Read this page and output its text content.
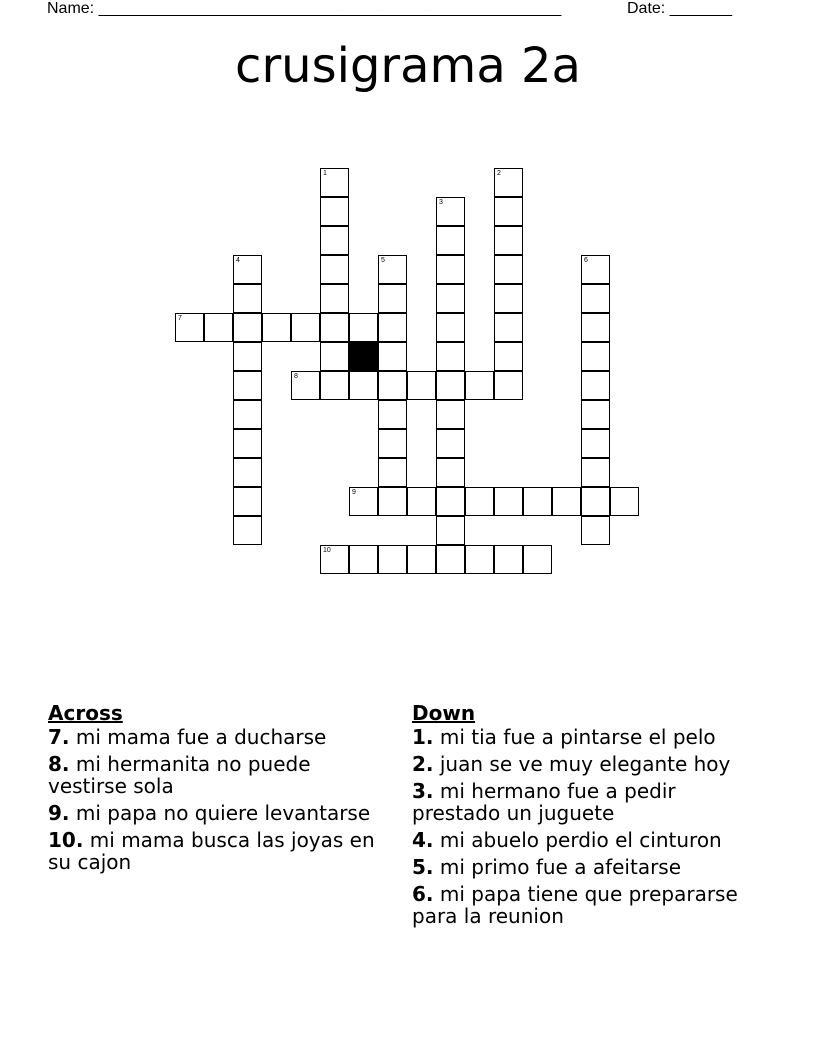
Name: ____________________________________________________	Date: _______
crusigrama 2a
1	2
3
4	5	6
7
8
9
10
Across
7. mi mama fue a ducharse
8. mi hermanita no puede vestirse sola
9. mi papa no quiere levantarse
10. mi mama busca las joyas en su cajon
Down
1. mi tia fue a pintarse el pelo
2. juan se ve muy elegante hoy
3. mi hermano fue a pedir prestado un juguete
4. mi abuelo perdio el cinturon
5. mi primo fue a afeitarse
6. mi papa tiene que prepararse para la reunion
